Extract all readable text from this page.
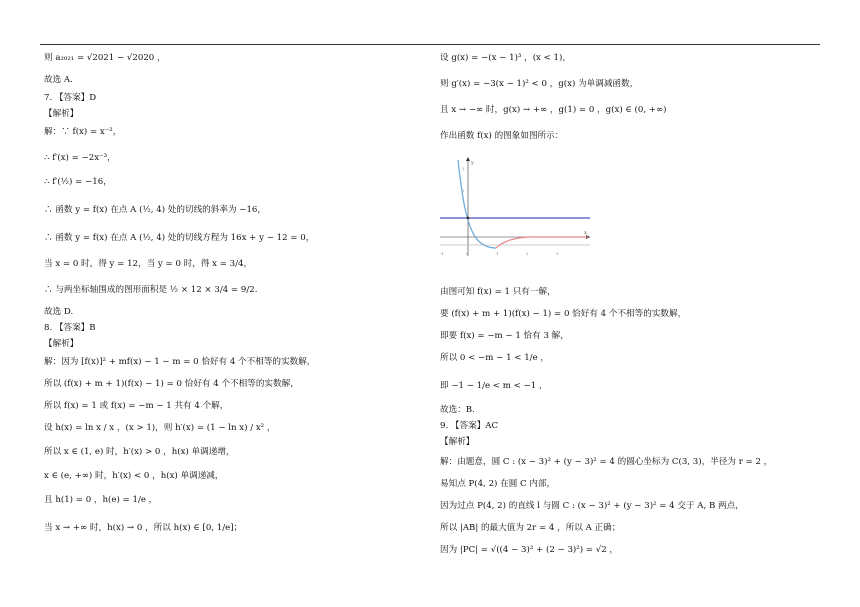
则 a₂₀₂₁ = √2021 − √2020 ，
故选 A.
7. 【答案】D
【解析】
解：∵ f(x) = x⁻²，
∴ f′(x) = −2x⁻³，
∴ f′(½) = −16，
∴ 函数 y = f(x) 在点 A (½, 4) 处的切线的斜率为 −16，
∴ 函数 y = f(x) 在点 A (½, 4) 处的切线方程为 16x + y − 12 = 0，
当 x = 0 时，得 y = 12，当 y = 0 时，得 x = 3/4，
∴ 与两坐标轴围成的图形面积是 ½ × 12 × 3/4 = 9/2.
故选 D.
8. 【答案】B
【解析】
解：因为 [f(x)]² + mf(x) − 1 − m = 0 恰好有 4 个不相等的实数解，
所以 (f(x) + m + 1)(f(x) − 1) = 0 恰好有 4 个不相等的实数解，
所以 f(x) = 1 或 f(x) = −m − 1 共有 4 个解，
设 h(x) = ln x / x ，(x > 1)，则 h′(x) = (1 − ln x) / x² ，
所以 x ∈ (1, e) 时，h′(x) > 0 ，h(x) 单调递增，
x ∈ (e, +∞) 时，h′(x) < 0 ，h(x) 单调递减，
且 h(1) = 0 ，h(e) = 1/e ，
当 x → +∞ 时，h(x) → 0 ，所以 h(x) ∈ [0, 1/e]；
设 g(x) = −(x − 1)³ ，(x < 1)，
则 g′(x) = −3(x − 1)² < 0 ，g(x) 为单调减函数，
且 x → −∞ 时，g(x) → +∞ ，g(1) = 0 ，g(x) ∈ (0, +∞)
作出函数 f(x) 的图象如图所示：
y
x
3
2
-1	0	1	2	3
由图可知 f(x) = 1 只有一解，
要 (f(x) + m + 1)(f(x) − 1) = 0 恰好有 4 个不相等的实数解，
即要 f(x) = −m − 1 恰有 3 解，
所以 0 < −m − 1 < 1/e ，
即 −1 − 1/e < m < −1 ，
故选：B.
9. 【答案】AC
【解析】
解：由题意，圆 C : (x − 3)² + (y − 3)² = 4 的圆心坐标为 C(3, 3)，半径为 r = 2 ，
易知点 P(4, 2) 在圆 C 内部，
因为过点 P(4, 2) 的直线 l 与圆 C : (x − 3)² + (y − 3)² = 4 交于 A, B 两点，
所以 |AB| 的最大值为 2r = 4 ，所以 A 正确；
因为 |PC| = √((4 − 3)² + (2 − 3)²) = √2 ，
